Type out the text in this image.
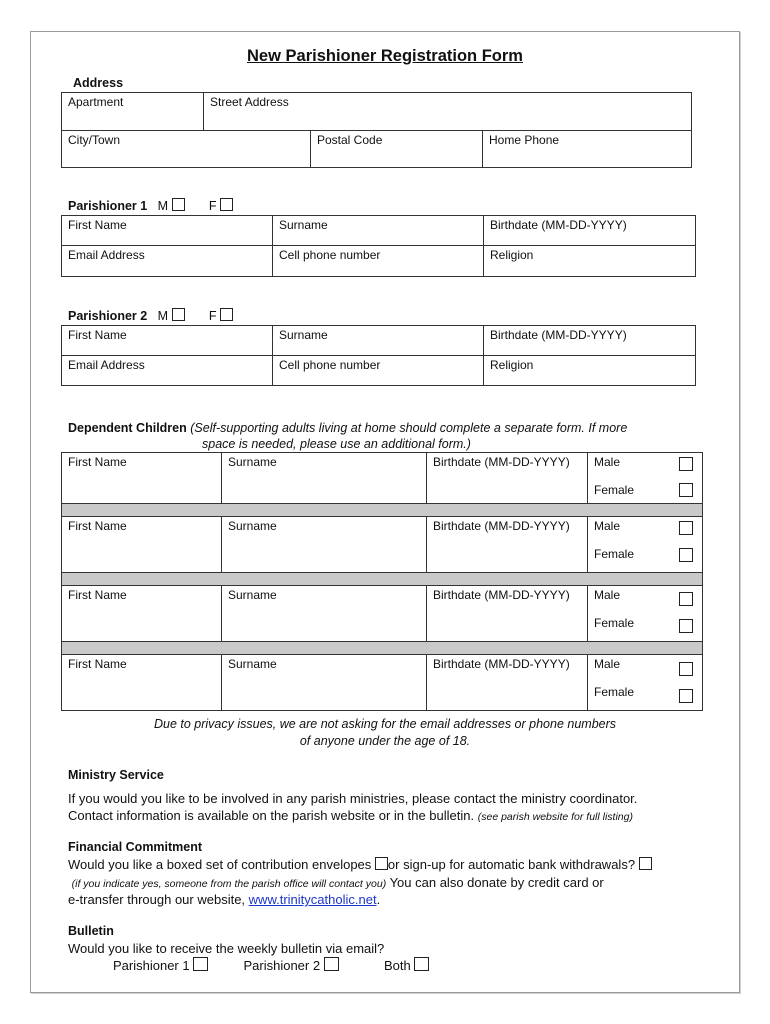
New Parishioner Registration Form
Address
Apartment	Street Address		
City/Town		Postal Code	Home Phone
Parishioner 1 M	F
First Name	Surname	Birthdate (MM-DD-YYYY)
Email Address	Cell phone number	Religion
Parishioner 2 M	F
First Name	Surname	Birthdate (MM-DD-YYYY)
Email Address	Cell phone number	Religion
Dependent Children (Self-supporting adults living at home should complete a separate form. If more
space is needed, please use an additional form.)
First Name	Surname	Birthdate (MM-DD-YYYY)	Male

Female

First Name	Surname	Birthdate (MM-DD-YYYY)	Male

Female

First Name	Surname	Birthdate (MM-DD-YYYY)	Male

Female

First Name	Surname	Birthdate (MM-DD-YYYY)	Male

Female
Due to privacy issues, we are not asking for the email addresses or phone numbers
of anyone under the age of 18.
Ministry Service
If you would you like to be involved in any parish ministries, please contact the ministry coordinator.
Contact information is available on the parish website or in the bulletin. (see parish website for full listing)
Financial Commitment
Would you like a boxed set of contribution envelopes or sign-up for automatic bank withdrawals?
(if you indicate yes, someone from the parish office will contact you) You can also donate by credit card or
e-transfer through our website, www.trinitycatholic.net.
Bulletin
Would you like to receive the weekly bulletin via email?
Parishioner 1	Parishioner 2	Both
